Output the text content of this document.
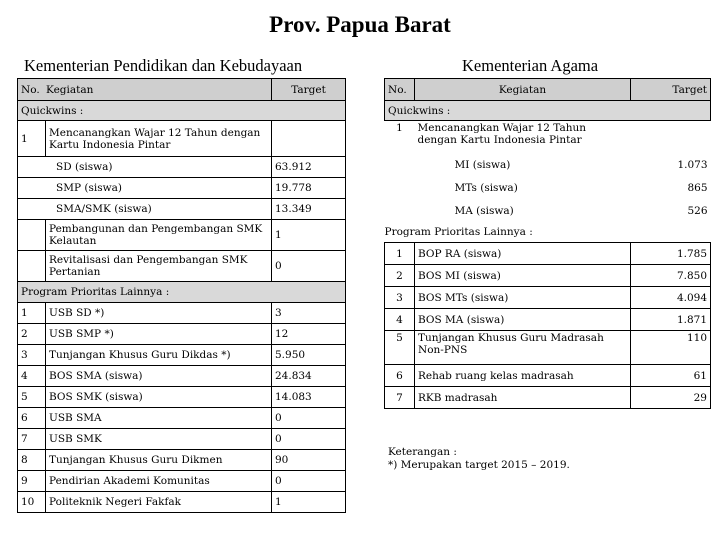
Prov. Papua Barat
Kementerian Pendidikan dan Kebudayaan	Kementerian Agama
No. Kegiatan		Target
Quickwins :		
1	Mencanangkan Wajar 12 Tahun dengan Kartu Indonesia Pintar	
SD (siswa)		63.912
SMP (siswa)		19.778
SMA/SMK (siswa)		13.349
	Pembangunan dan Pengembangan SMK Kelautan	1
	Revitalisasi dan Pengembangan SMK Pertanian	0
Program Prioritas Lainnya :		
1	USB SD *)	3
2	USB SMP *)	12
3	Tunjangan Khusus Guru Dikdas *)	5.950
4	BOS SMA (siswa)	24.834
5	BOS SMK (siswa)	14.083
6	USB SMA	0
7	USB SMK	0
8	Tunjangan Khusus Guru Dikmen	90
9	Pendirian Akademi Komunitas	0
10	Politeknik Negeri Fakfak	1
No.	Kegiatan	Target
Quickwins :		
1	Mencanangkan Wajar 12 Tahun dengan Kartu Indonesia Pintar	
	MI (siswa)	1.073
	MTs (siswa)	865
	MA (siswa)	526
Program Prioritas Lainnya :		
1	BOP RA (siswa)	1.785
2	BOS MI (siswa)	7.850
3	BOS MTs (siswa)	4.094
4	BOS MA (siswa)	1.871
5	Tunjangan Khusus Guru Madrasah Non-PNS	110
6	Rehab ruang kelas madrasah	61
7	RKB madrasah	29
Keterangan :
*) Merupakan target 2015 – 2019.
